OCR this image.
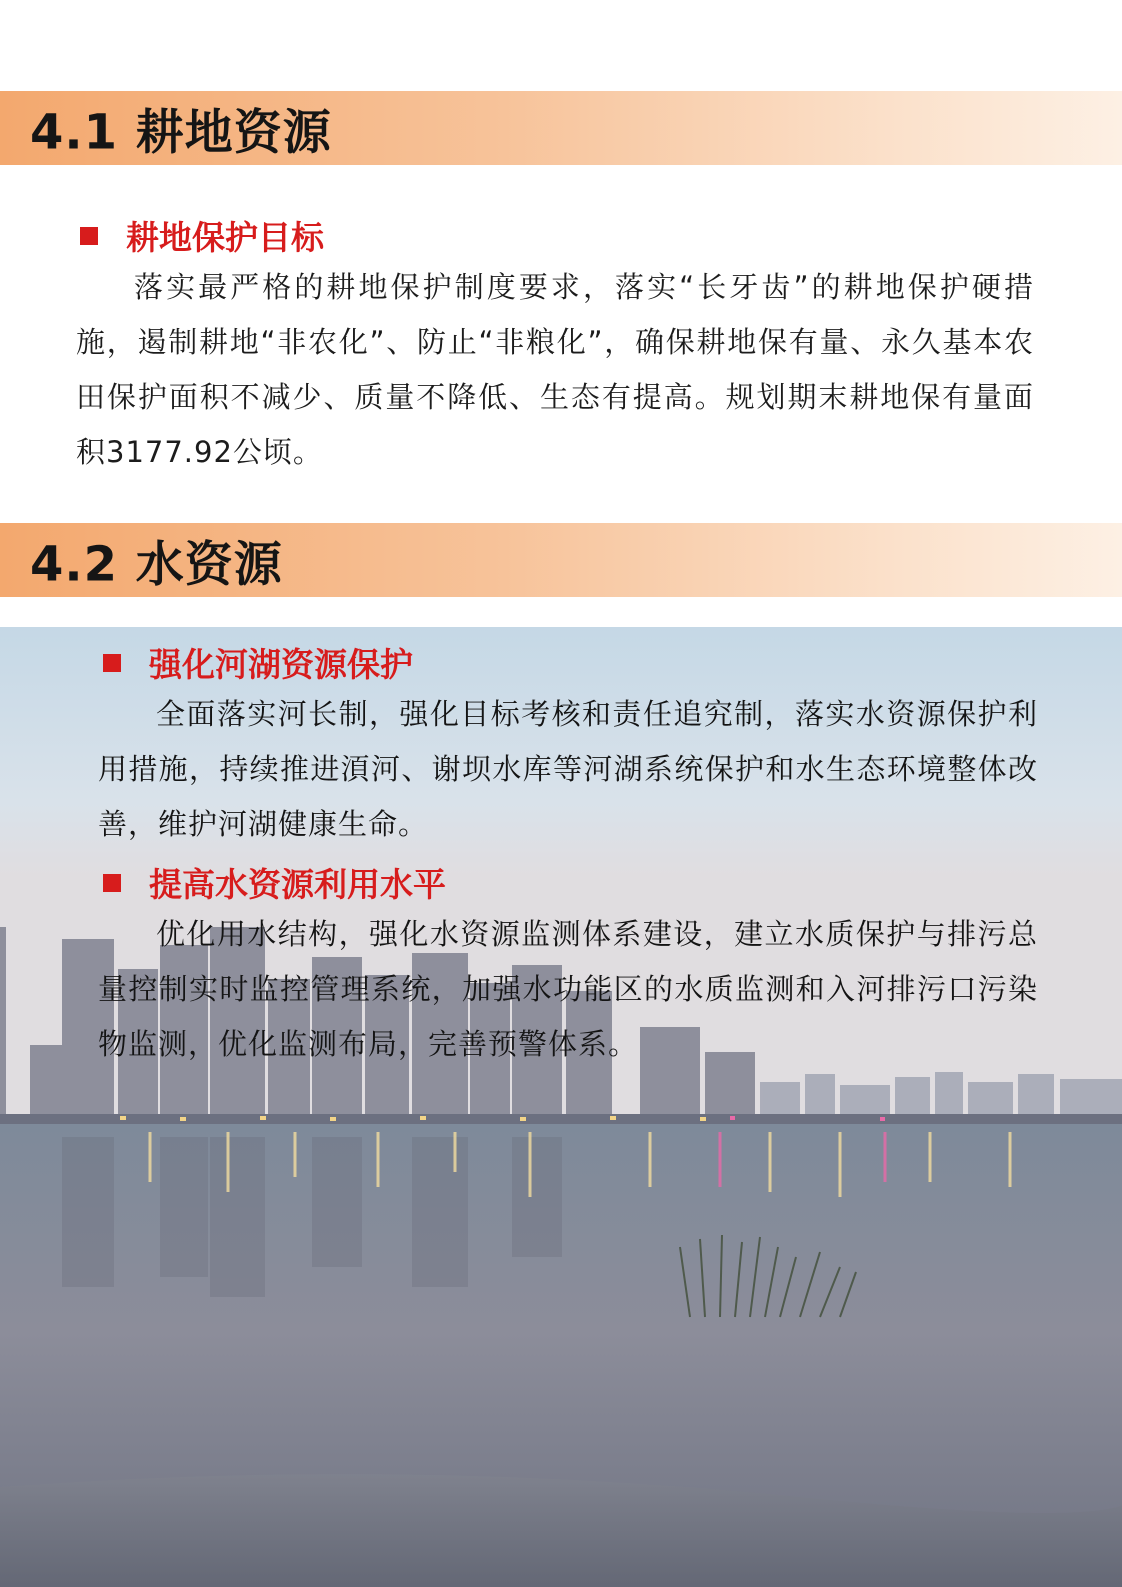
4.1 耕地资源
耕地保护目标
落实最严格的耕地保护制度要求，落实“长牙齿”的耕地保护硬措施，遏制耕地“非农化”、防止“非粮化”，确保耕地保有量、永久基本农田保护面积不减少、质量不降低、生态有提高。规划期末耕地保有量面积3177.92公顷。
4.2 水资源
强化河湖资源保护
全面落实河长制，强化目标考核和责任追究制，落实水资源保护利用措施，持续推进湏河、谢坝水库等河湖系统保护和水生态环境整体改善，维护河湖健康生命。
提高水资源利用水平
优化用水结构，强化水资源监测体系建设，建立水质保护与排污总量控制实时监控管理系统，加强水功能区的水质监测和入河排污口污染物监测，优化监测布局，完善预警体系。
